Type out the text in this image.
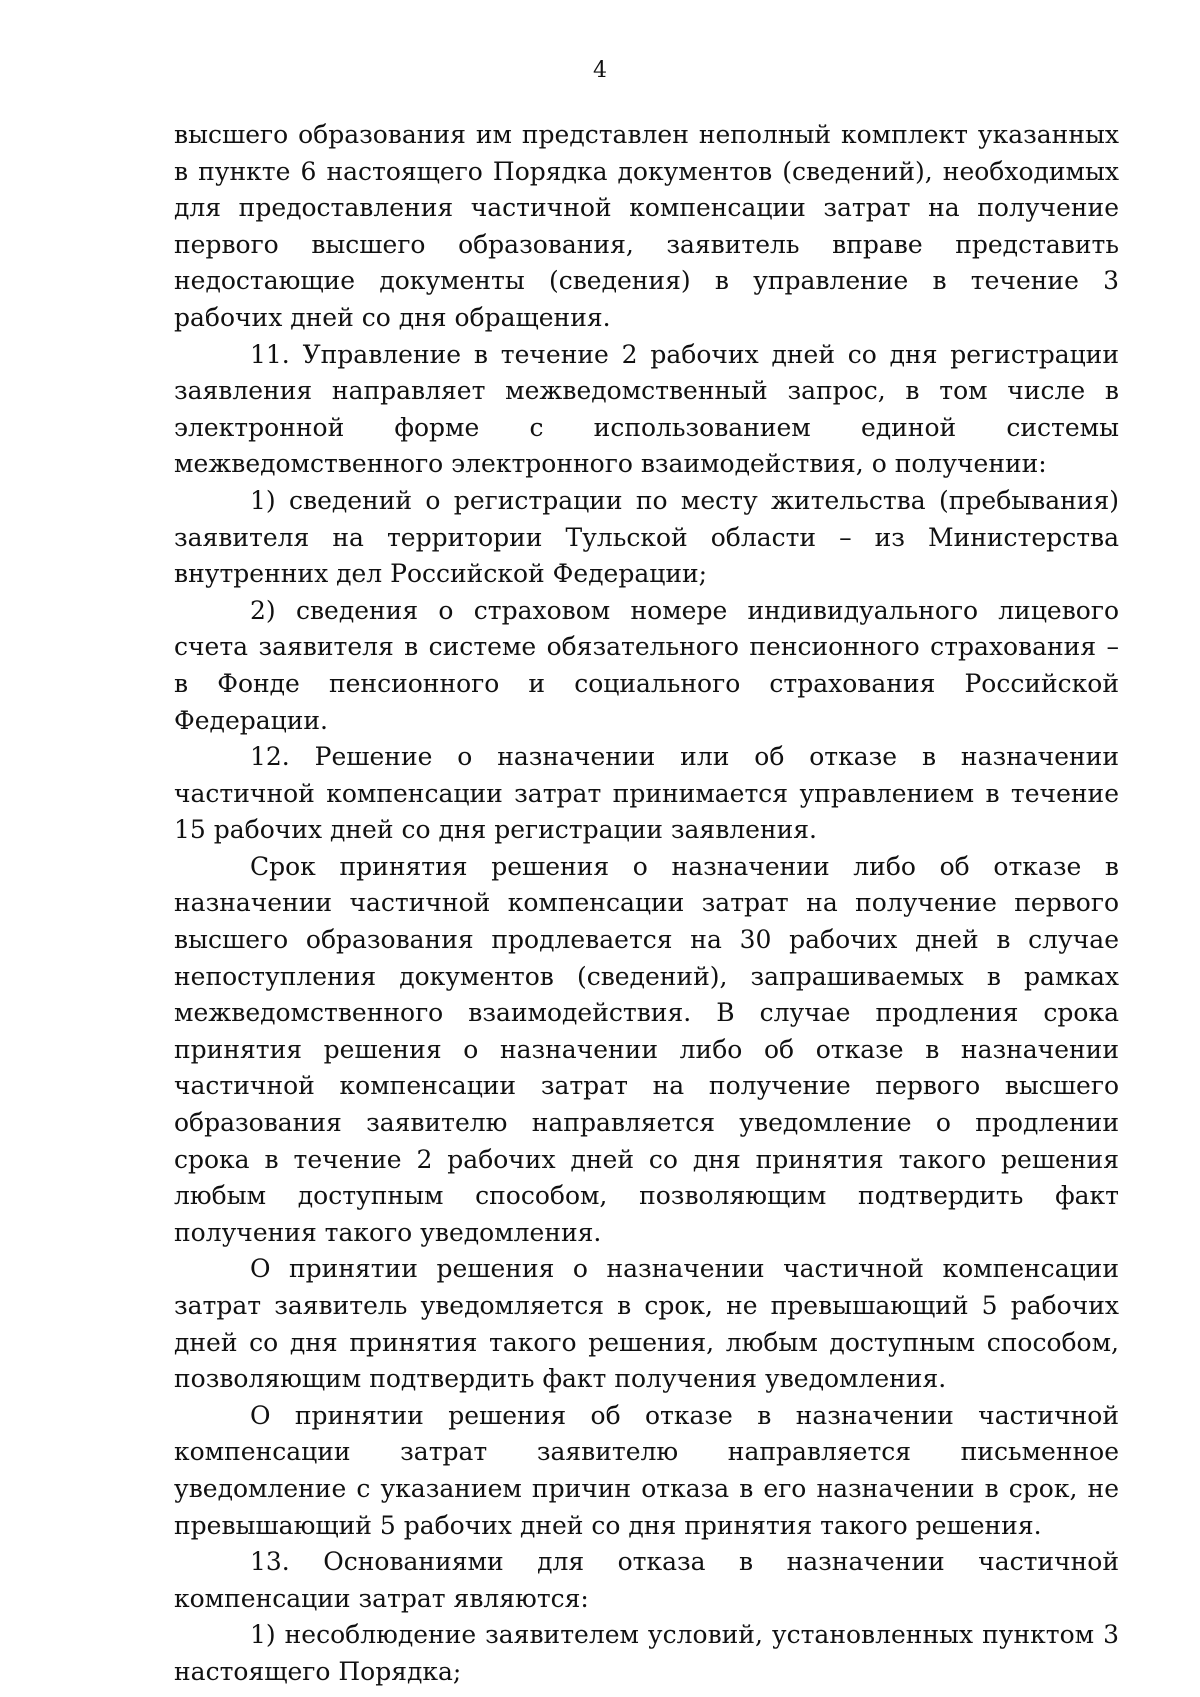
4

высшего образования им представлен неполный комплект указанных в пункте 6 настоящего Порядка документов (сведений), необходимых для предоставления частичной компенсации затрат на получение первого высшего образования, заявитель вправе представить недостающие документы (сведения) в управление в течение 3 рабочих дней со дня обращения.

11. Управление в течение 2 рабочих дней со дня регистрации заявления направляет межведомственный запрос, в том числе в электронной форме с использованием единой системы межведомственного электронного взаимодействия, о получении:

1) сведений о регистрации по месту жительства (пребывания) заявителя на территории Тульской области – из Министерства внутренних дел Российской Федерации;

2) сведения о страховом номере индивидуального лицевого счета заявителя в системе обязательного пенсионного страхования – в Фонде пенсионного и социального страхования Российской Федерации.

12. Решение о назначении или об отказе в назначении частичной компенсации затрат принимается управлением в течение 15 рабочих дней со дня регистрации заявления.

Срок принятия решения о назначении либо об отказе в назначении частичной компенсации затрат на получение первого высшего образования продлевается на 30 рабочих дней в случае непоступления документов (сведений), запрашиваемых в рамках межведомственного взаимодействия. В случае продления срока принятия решения о назначении либо об отказе в назначении частичной компенсации затрат на получение первого высшего образования заявителю направляется уведомление о продлении срока в течение 2 рабочих дней со дня принятия такого решения любым доступным способом, позволяющим подтвердить факт получения такого уведомления.

О принятии решения о назначении частичной компенсации затрат заявитель уведомляется в срок, не превышающий 5 рабочих дней со дня принятия такого решения, любым доступным способом, позволяющим подтвердить факт получения уведомления.

О принятии решения об отказе в назначении частичной компенсации затрат заявителю направляется письменное уведомление с указанием причин отказа в его назначении в срок, не превышающий 5 рабочих дней со дня принятия такого решения.

13. Основаниями для отказа в назначении частичной компенсации затрат являются:

1) несоблюдение заявителем условий, установленных пунктом 3 настоящего Порядка;
